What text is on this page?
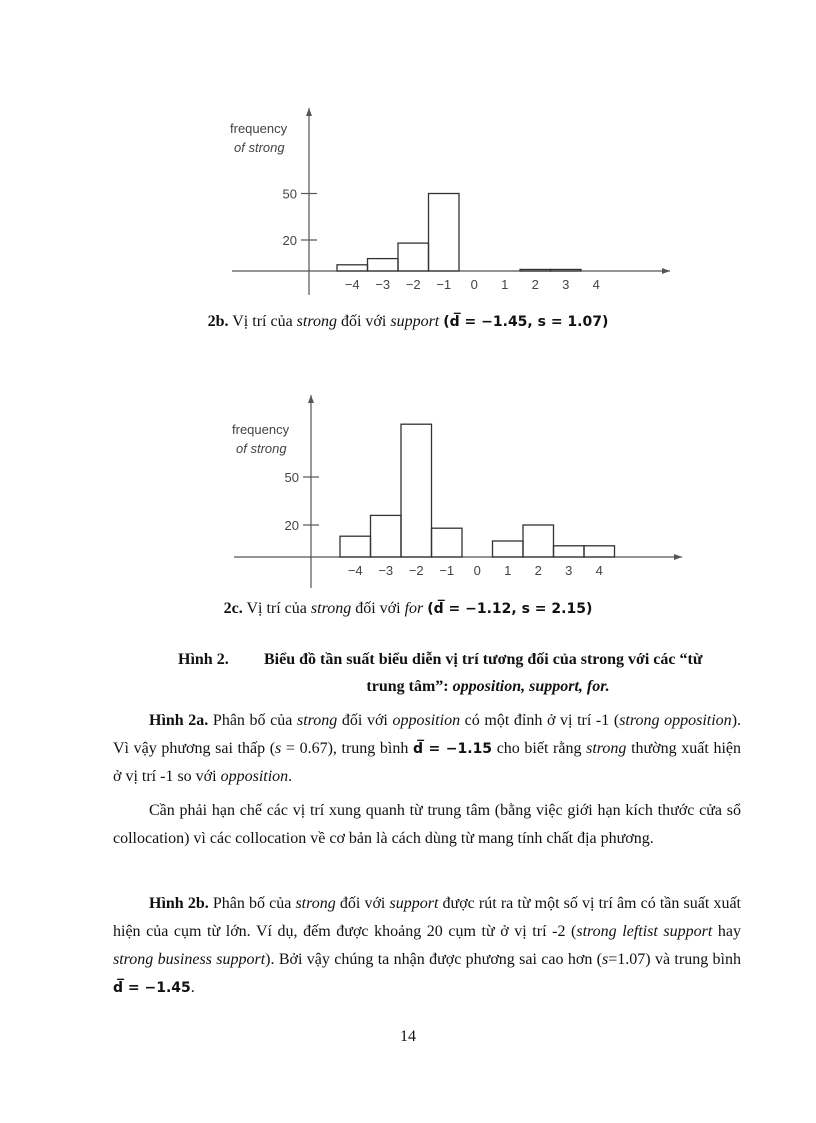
frequency
of strong
50
20
−4 −3 −2 −1 0 1 2 3 4
2b. Vị trí của strong đối với support (d̅ = −1.45, s = 1.07)
frequency
of strong
50
20
−4 −3 −2 −1 0 1 2 3 4
2c. Vị trí của strong đối với for (d̅ = −1.12, s = 2.15)
Hình 2. Biểu đồ tần suất biểu diễn vị trí tương đối của strong với các “từ
trung tâm”: opposition, support, for.
Hình 2a. Phân bố của strong đối với opposition có một đỉnh ở vị trí -1 (strong opposition). Vì vậy phương sai thấp (s = 0.67), trung bình d̅ = −1.15 cho biết rằng strong thường xuất hiện ở vị trí -1 so với opposition.
Cần phải hạn chế các vị trí xung quanh từ trung tâm (bằng việc giới hạn kích thước cửa sổ collocation) vì các collocation về cơ bản là cách dùng từ mang tính chất địa phương.
Hình 2b. Phân bố của strong đối với support được rút ra từ một số vị trí âm có tần suất xuất hiện của cụm từ lớn. Ví dụ, đếm được khoảng 20 cụm từ ở vị trí -2 (strong leftist support hay strong business support). Bởi vậy chúng ta nhận được phương sai cao hơn (s=1.07) và trung bình d̅ = −1.45.
14
